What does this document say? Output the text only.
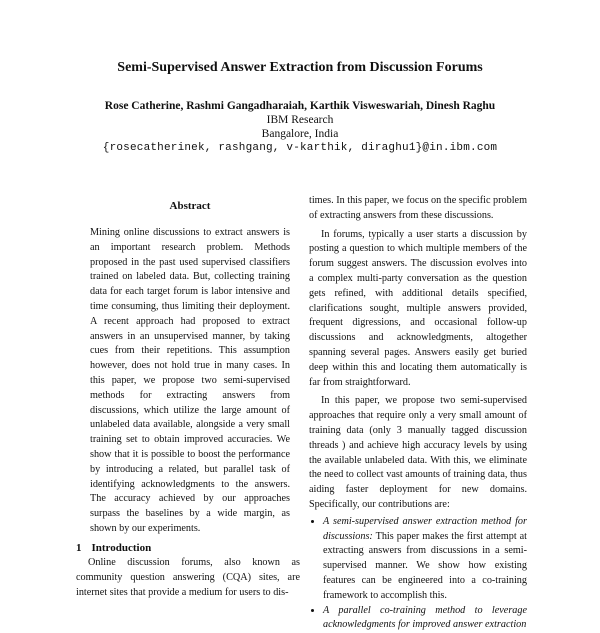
Semi-Supervised Answer Extraction from Discussion Forums
Rose Catherine, Rashmi Gangadharaiah, Karthik Visweswariah, Dinesh Raghu
IBM Research
Bangalore, India
{rosecatherinek, rashgang, v-karthik, diraghu1}@in.ibm.com
Abstract

Mining online discussions to extract answers is an important research problem. Methods proposed in the past used supervised classifiers trained on labeled data. But, collecting training data for each target forum is labor intensive and time consuming, thus limiting their deployment. A recent approach had proposed to extract answers in an unsupervised manner, by taking cues from their repetitions. This assumption however, does not hold true in many cases. In this paper, we propose two semi-supervised methods for extracting answers from discussions, which utilize the large amount of unlabeled data available, alongside a very small training set to obtain improved accuracies. We show that it is possible to boost the performance by introducing a related, but parallel task of identifying acknowledgments to the answers. The accuracy achieved by our approaches surpass the baselines by a wide margin, as shown by our experiments.

1 Introduction

Online discussion forums, also known as community question answering (CQA) sites, are internet sites that provide a medium for users to dis-

times. In this paper, we focus on the specific problem of extracting answers from these discussions.

In forums, typically a user starts a discussion by posting a question to which multiple members of the forum suggest answers. The discussion evolves into a complex multi-party conversation as the question gets refined, with additional details specified, clarifications sought, multiple answers provided, frequent digressions, and occasional follow-up discussions and acknowledgments, altogether spanning several pages. Answers easily get buried deep within this and locating them automatically is far from straightforward.

In this paper, we propose two semi-supervised approaches that require only a very small amount of training data (only 3 manually tagged discussion threads ) and achieve high accuracy levels by using the available unlabeled data. With this, we eliminate the need to collect vast amounts of training data, thus aiding faster deployment for new domains. Specifically, our contributions are:

• A semi-supervised answer extraction method for discussions: This paper makes the first attempt at extracting answers from discussions in a semi-supervised manner. We show how existing features can be engineered into a co-training framework to accomplish this.
• A parallel co-training method to leverage acknowledgments for improved answer extraction
